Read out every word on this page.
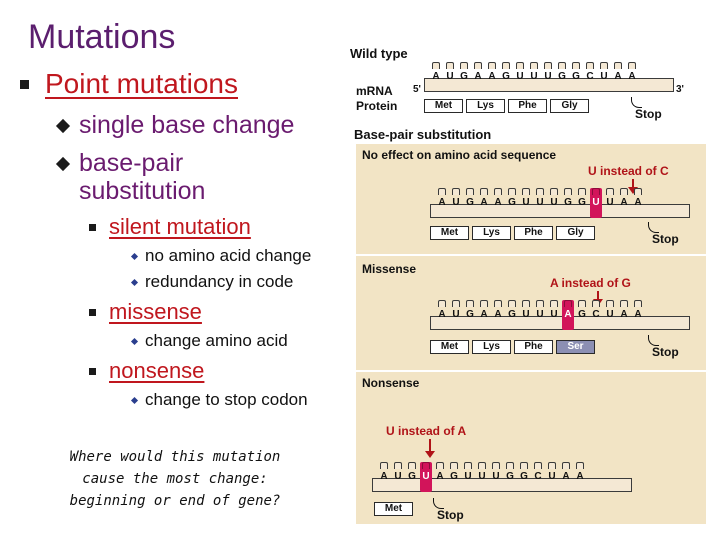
Mutations
Point mutations
single base change
base-pair substitution
silent mutation
no amino acid change
redundancy in code
missense
change amino acid
nonsense
change to stop codon
Where would this mutation cause the most change: beginning or end of gene?
Wild type
mRNA
Protein
5'	3'
A U G A A G U U U G G C U A A
Met	Lys	Phe	Gly
Stop
Base-pair substitution
No effect on amino acid sequence
U instead of C
A U G A A G U U U G G U U A A
Met	Lys	Phe	Gly	Stop
Missense
A instead of G
A U G A A G U U U A G C U A A
Met	Lys	Phe	Ser	Stop
Nonsense
U instead of A
A U G U A G U U U G G C U A A
Met	Stop
